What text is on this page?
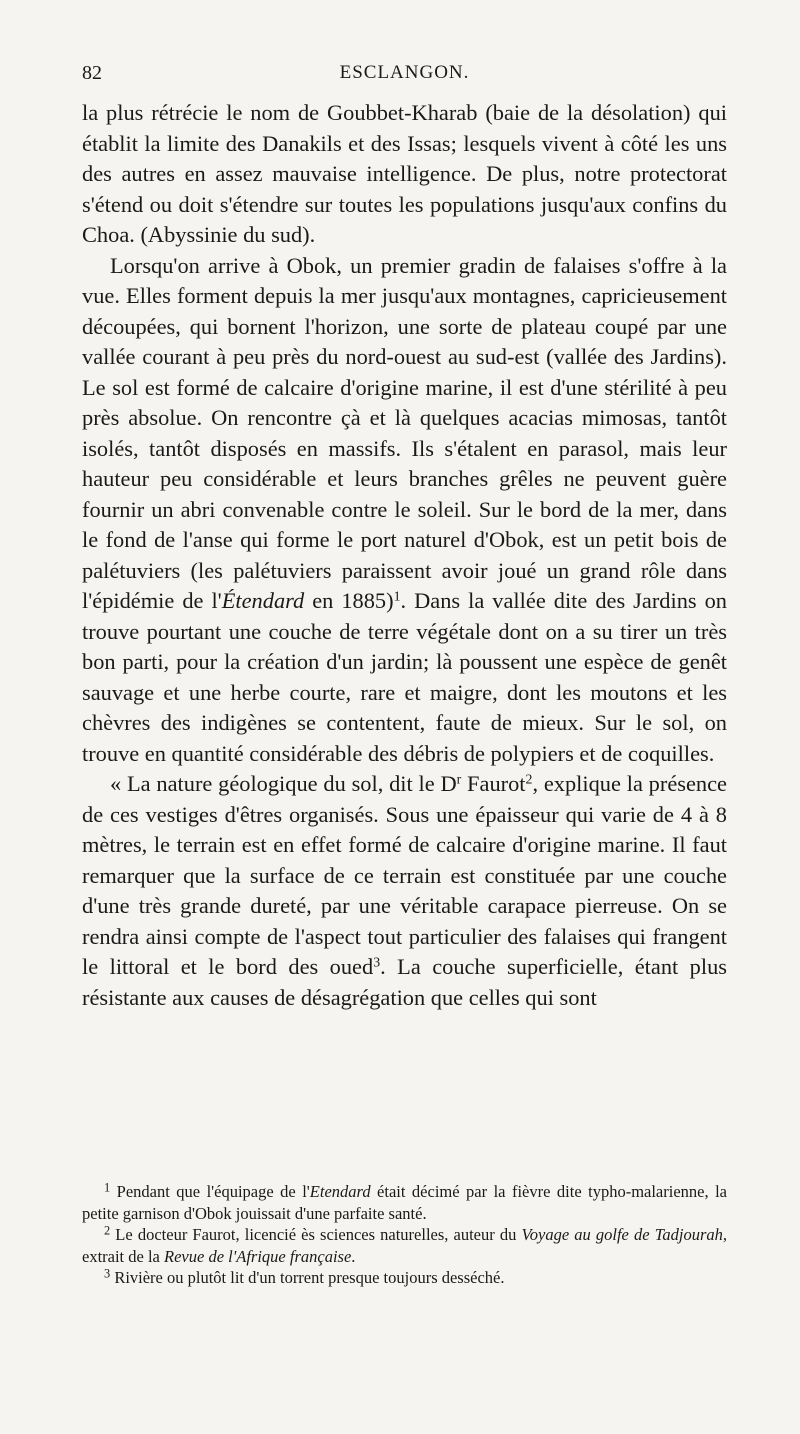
82	ESCLANGON.

la plus rétrécie le nom de Goubbet-Kharab (baie de la désolation) qui établit la limite des Danakils et des Issas; lesquels vivent à côté les uns des autres en assez mauvaise intelligence. De plus, notre protectorat s'étend ou doit s'étendre sur toutes les populations jusqu'aux confins du Choa. (Abyssinie du sud).

Lorsqu'on arrive à Obok, un premier gradin de falaises s'offre à la vue. Elles forment depuis la mer jusqu'aux montagnes, capricieusement découpées, qui bornent l'horizon, une sorte de plateau coupé par une vallée courant à peu près du nord-ouest au sud-est (vallée des Jardins). Le sol est formé de calcaire d'origine marine, il est d'une stérilité à peu près absolue. On rencontre çà et là quelques acacias mimosas, tantôt isolés, tantôt disposés en massifs. Ils s'étalent en parasol, mais leur hauteur peu considérable et leurs branches grêles ne peuvent guère fournir un abri convenable contre le soleil. Sur le bord de la mer, dans le fond de l'anse qui forme le port naturel d'Obok, est un petit bois de palétuviers (les palétuviers paraissent avoir joué un grand rôle dans l'épidémie de l'Étendard en 1885)$^1$. Dans la vallée dite des Jardins on trouve pourtant une couche de terre végétale dont on a su tirer un très bon parti, pour la création d'un jardin; là poussent une espèce de genêt sauvage et une herbe courte, rare et maigre, dont les moutons et les chèvres des indigènes se contentent, faute de mieux. Sur le sol, on trouve en quantité considérable des débris de polypiers et de coquilles.

« La nature géologique du sol, dit le $D^r$ Faurot$^2$, explique la présence de ces vestiges d'êtres organisés. Sous une épaisseur qui varie de 4 à 8 mètres, le terrain est en effet formé de calcaire d'origine marine. Il faut remarquer que la surface de ce terrain est constituée par une couche d'une très grande dureté, par une véritable carapace pierreuse. On se rendra ainsi compte de l'aspect tout particulier des falaises qui frangent le littoral et le bord des oued$^3$. La couche superficielle, étant plus résistante aux causes de désagrégation que celles qui sont

$^1$ Pendant que l'équipage de l'Etendard était décimé par la fièvre dite typho-malarienne, la petite garnison d'Obok jouissait d'une parfaite santé.

$^2$ Le docteur Faurot, licencié ès sciences naturelles, auteur du Voyage au golfe de Tadjourah, extrait de la Revue de l'Afrique française.

$^3$ Rivière ou plutôt lit d'un torrent presque toujours desséché.
